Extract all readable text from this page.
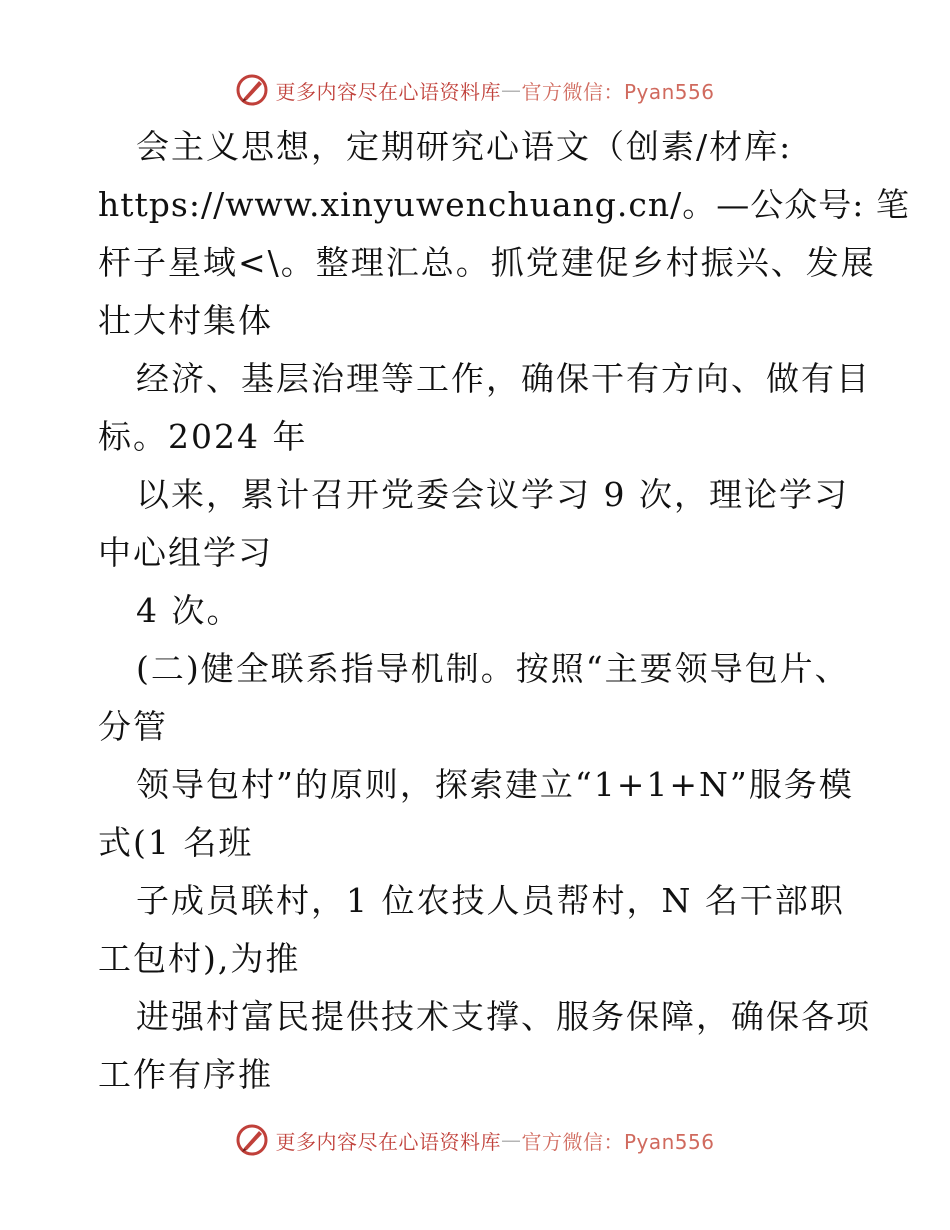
更多内容尽在心语资料库 — 官方微信：Pyan556
会主义思想，定期研究心语文（创素/材库:
https://www.xinyuwenchuang.cn/。—公众号: 笔
杆子星域<\。整理汇总。抓党建促乡村振兴、发展
壮大村集体
经济、基层治理等工作，确保干有方向、做有目
标。2024 年
以来，累计召开党委会议学习 9 次，理论学习
中心组学习
4 次。
(二)健全联系指导机制。按照“主要领导包片、
分管
领导包村”的原则，探索建立“1+1+N”服务模
式(1 名班
子成员联村，1 位农技人员帮村，N 名干部职
工包村),为推
进强村富民提供技术支撑、服务保障，确保各项
工作有序推
更多内容尽在心语资料库 — 官方微信：Pyan556
